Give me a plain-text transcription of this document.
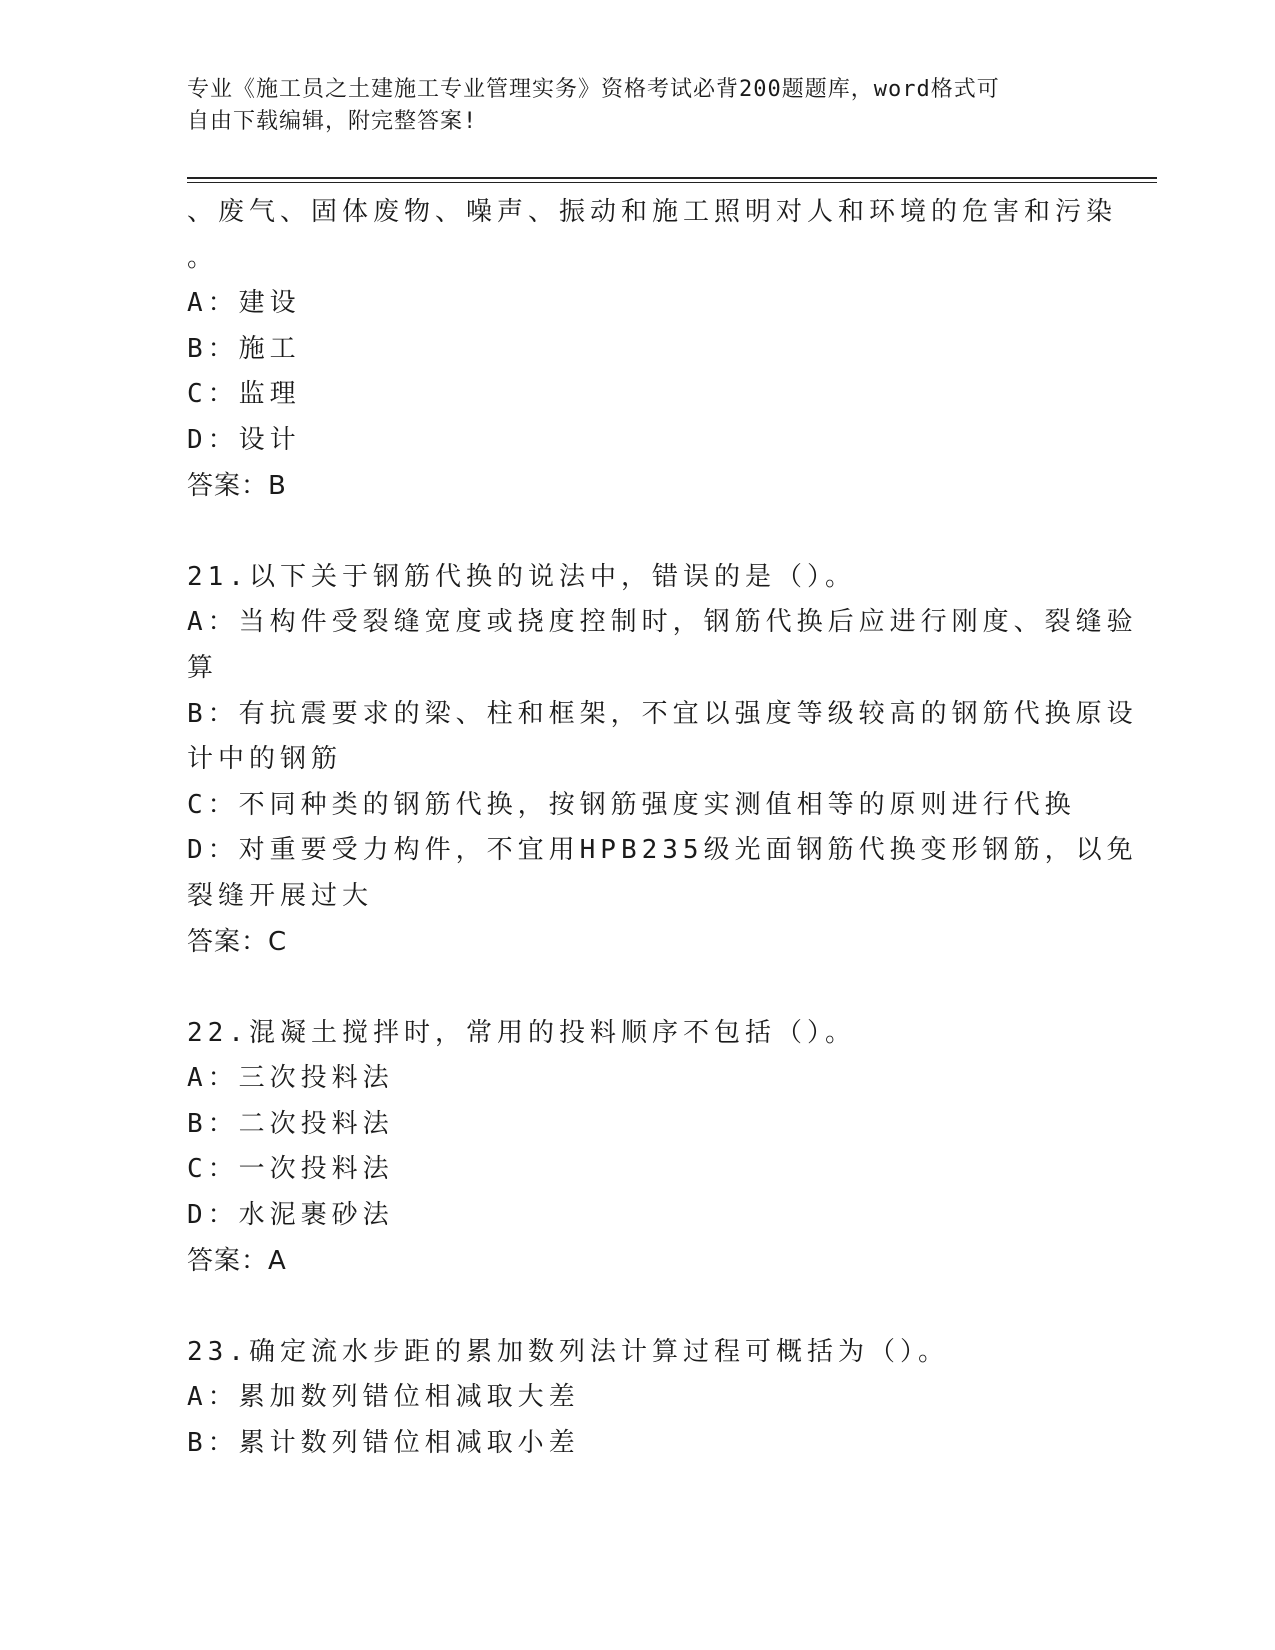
专业《施工员之土建施工专业管理实务》资格考试必背200题题库，word格式可
自由下载编辑，附完整答案!
、废气、固体废物、噪声、振动和施工照明对人和环境的危害和污染
。
A：建设
B：施工
C：监理
D：设计
答案：B
21.以下关于钢筋代换的说法中，错误的是（）。
A：当构件受裂缝宽度或挠度控制时，钢筋代换后应进行刚度、裂缝验
算
B：有抗震要求的梁、柱和框架，不宜以强度等级较高的钢筋代换原设
计中的钢筋
C：不同种类的钢筋代换，按钢筋强度实测值相等的原则进行代换
D：对重要受力构件，不宜用HPB235级光面钢筋代换变形钢筋，以免
裂缝开展过大
答案：C
22.混凝土搅拌时，常用的投料顺序不包括（）。
A：三次投料法
B：二次投料法
C：一次投料法
D：水泥裹砂法
答案：A
23.确定流水步距的累加数列法计算过程可概括为（）。
A：累加数列错位相减取大差
B：累计数列错位相减取小差
